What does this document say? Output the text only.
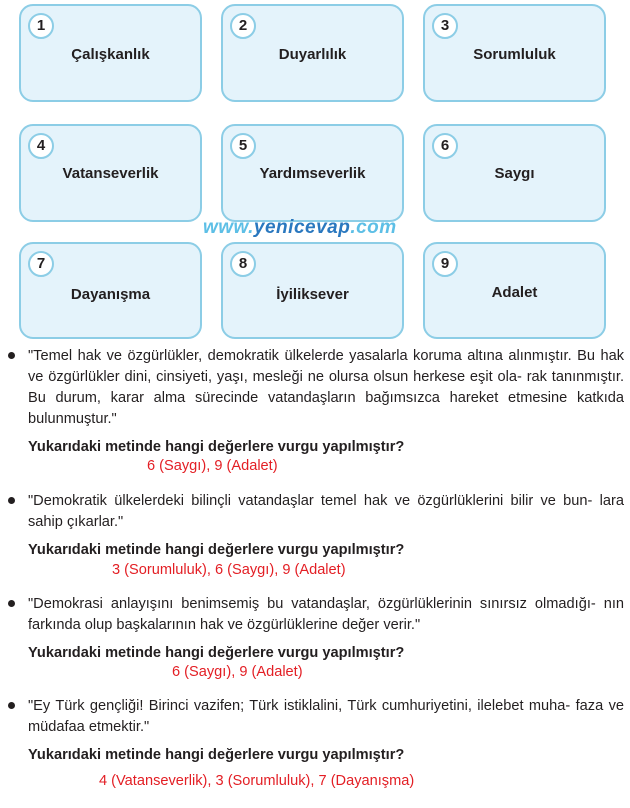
1
Çalışkanlık
2
Duyarlılık
3
Sorumluluk
4
Vatanseverlik
5
Yardımseverlik
6
Saygı
7
Dayanışma
8
İyiliksever
9
Adalet
www.yenicevap.com

"Temel hak ve özgürlükler, demokratik ülkelerde yasalarla koruma altına alınmıştır. Bu hak ve özgürlükler dini, cinsiyeti, yaşı, mesleği ne olursa olsun herkese eşit ola- rak tanınmıştır. Bu durum, karar alma sürecinde vatandaşların bağımsızca hareket etmesine katkıda bulunmuştur."

Yukarıdaki metinde hangi değerlere vurgu yapılmıştır?
6 (Saygı), 9 (Adalet)

"Demokratik ülkelerdeki bilinçli vatandaşlar temel hak ve özgürlüklerini bilir ve bun- lara sahip çıkarlar."

Yukarıdaki metinde hangi değerlere vurgu yapılmıştır?
3 (Sorumluluk), 6 (Saygı), 9 (Adalet)

"Demokrasi anlayışını benimsemiş bu vatandaşlar, özgürlüklerinin sınırsız olmadığı- nın farkında olup başkalarının hak ve özgürlüklerine değer verir."

Yukarıdaki metinde hangi değerlere vurgu yapılmıştır?
6 (Saygı), 9 (Adalet)

"Ey Türk gençliği! Birinci vazifen; Türk istiklalini, Türk cumhuriyetini, ilelebet muha- faza ve müdafaa etmektir."

Yukarıdaki metinde hangi değerlere vurgu yapılmıştır?
4 (Vatanseverlik), 3 (Sorumluluk), 7 (Dayanışma)
